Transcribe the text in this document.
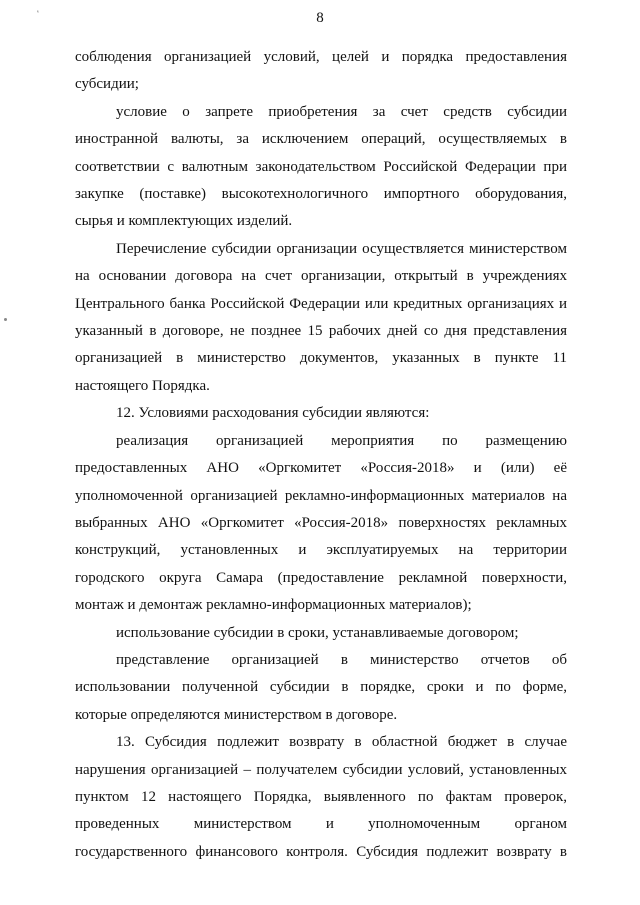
‘	8
соблюдения организацией условий, целей и порядка предоставления
субсидии;
условие о запрете приобретения за счет средств субсидии
иностранной валюты, за исключением операций, осуществляемых в
соответствии с валютным законодательством Российской Федерации при
закупке (поставке) высокотехнологичного импортного оборудования,
сырья и комплектующих изделий.
Перечисление субсидии организации осуществляется министерством
на основании договора на счет организации, открытый в учреждениях
Центрального банка Российской Федерации или кредитных организациях и
указанный в договоре, не позднее 15 рабочих дней со дня представления
организацией в министерство документов, указанных в пункте 11
настоящего Порядка.
12. Условиями расходования субсидии являются:
реализация организацией мероприятия по размещению
предоставленных АНО «Оргкомитет «Россия-2018» и (или) её
уполномоченной организацией рекламно-информационных материалов на
выбранных АНО «Оргкомитет «Россия-2018» поверхностях рекламных
конструкций, установленных и эксплуатируемых на территории
городского округа Самара (предоставление рекламной поверхности,
монтаж и демонтаж рекламно-информационных материалов);
использование субсидии в сроки, устанавливаемые договором;
представление организацией в министерство отчетов об
использовании полученной субсидии в порядке, сроки и по форме,
которые определяются министерством в договоре.
13. Субсидия подлежит возврату в областной бюджет в случае
нарушения организацией – получателем субсидии условий, установленных
пунктом 12 настоящего Порядка, выявленного по фактам проверок,
проведенных министерством и уполномоченным органом
государственного финансового контроля. Субсидия подлежит возврату в
